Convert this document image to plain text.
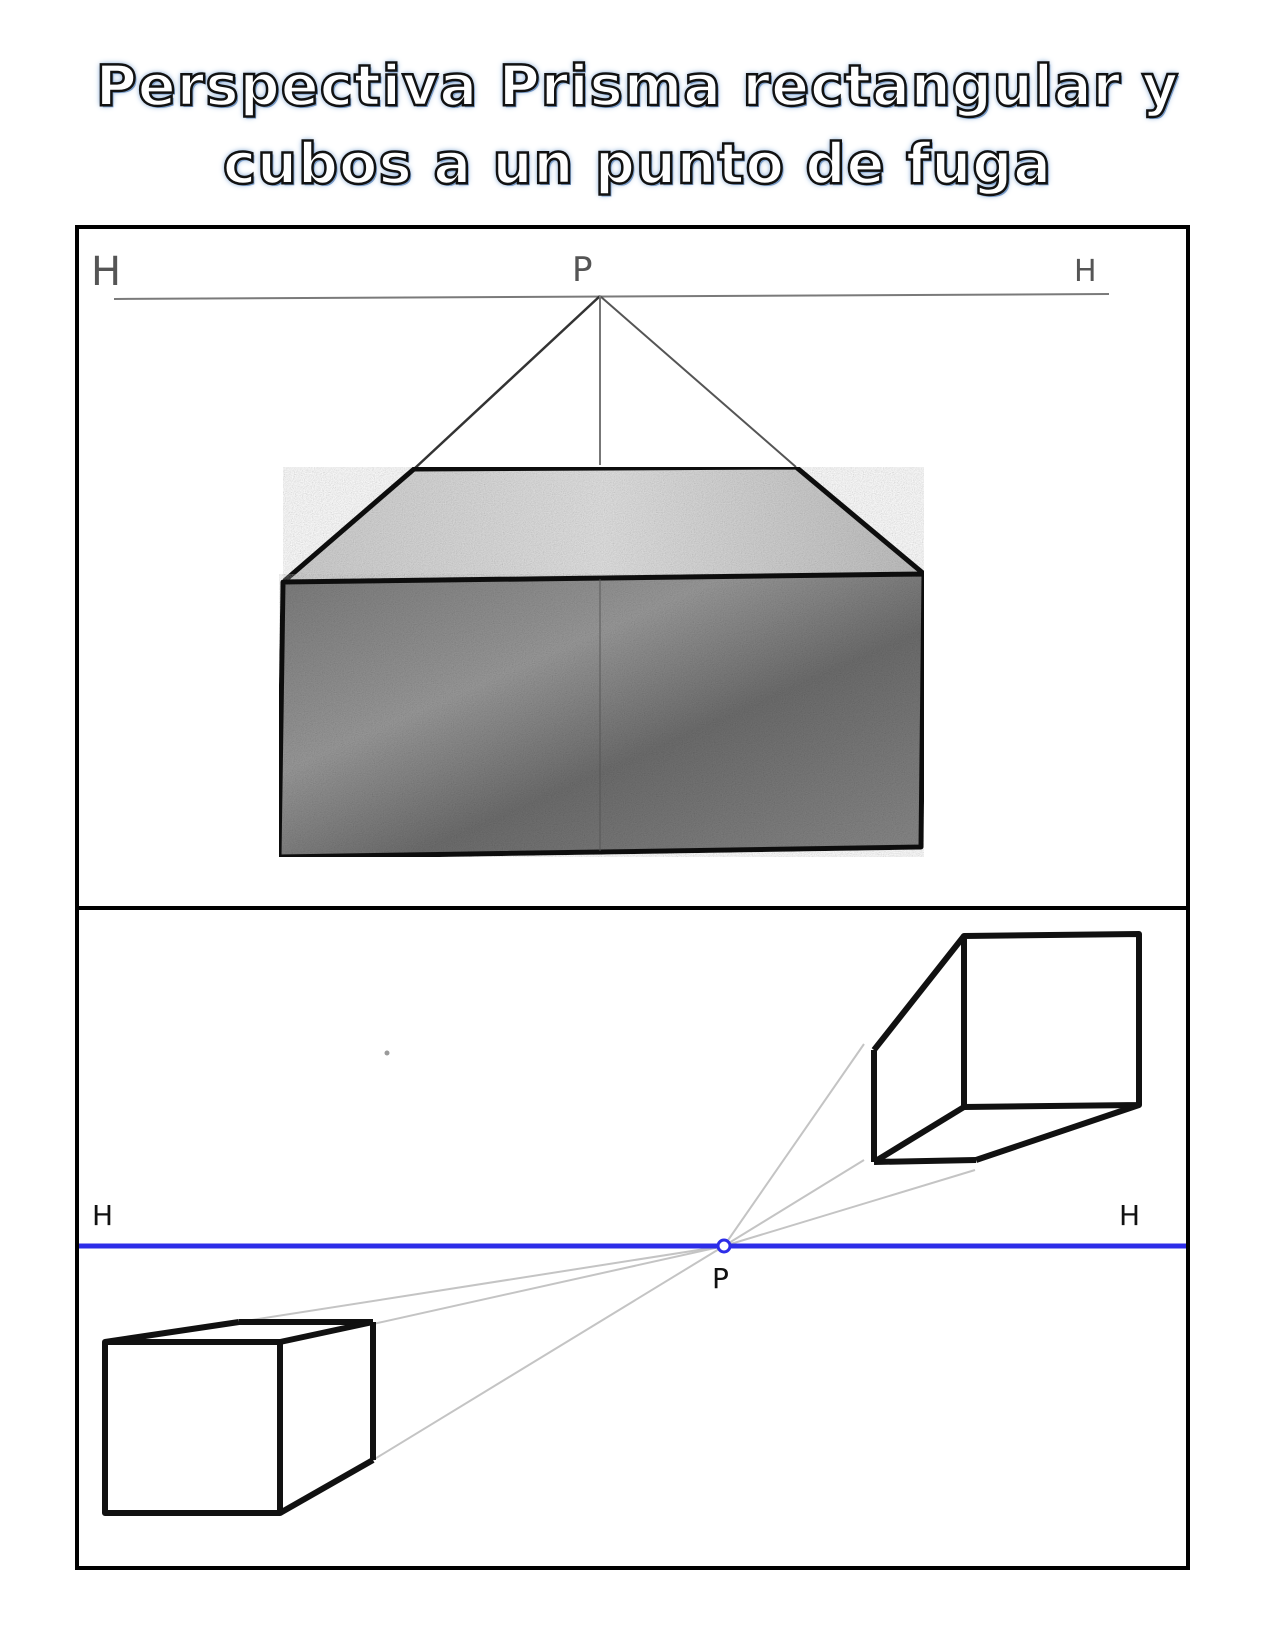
Perspectiva Prisma rectangular y
cubos a un punto de fuga
H	H
P
H	H
P
